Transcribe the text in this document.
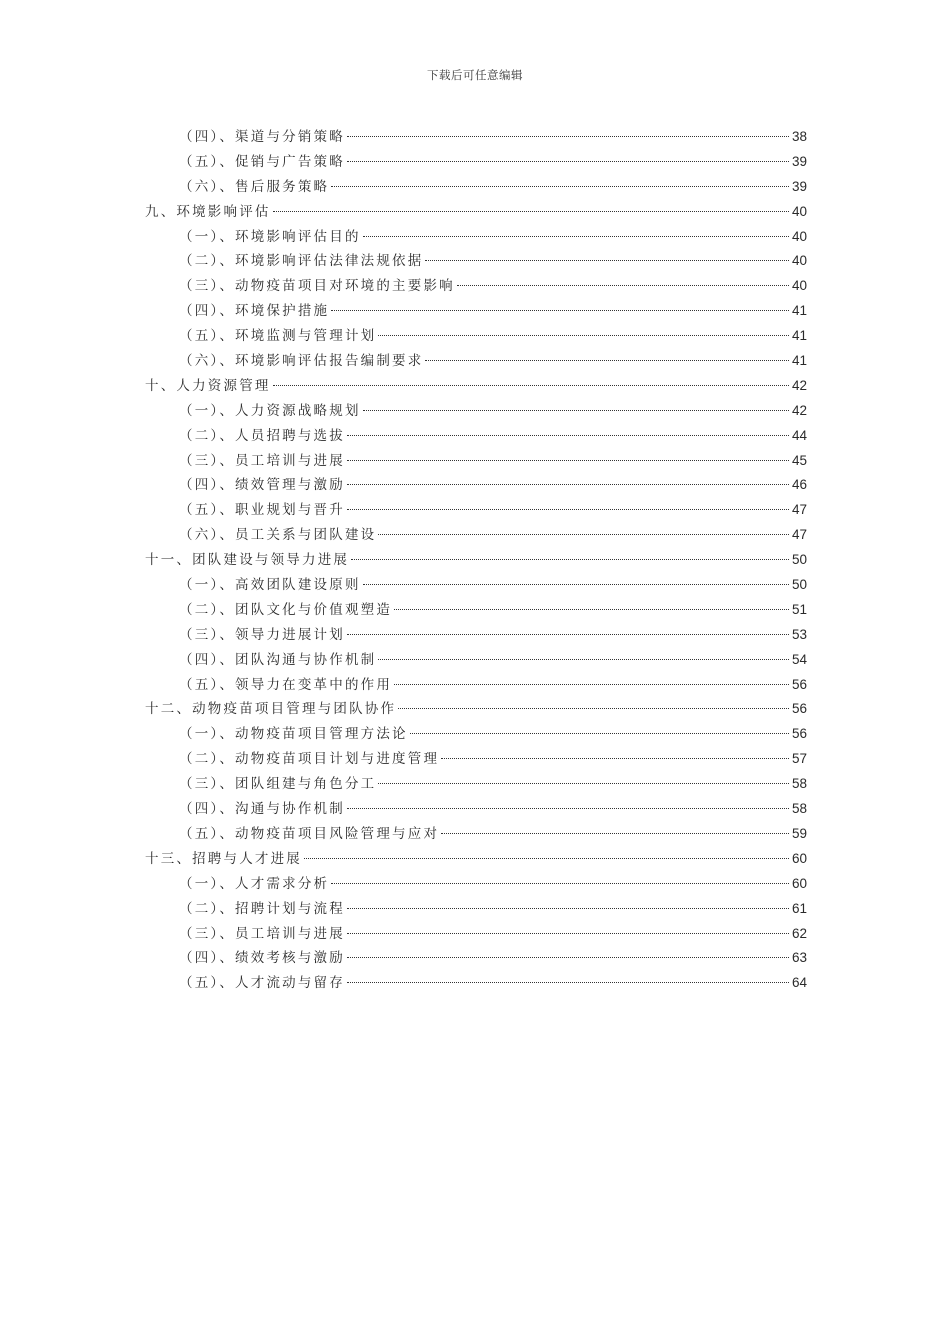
下载后可任意编辑
（四）、渠道与分销策略	38
（五）、促销与广告策略	39
（六）、售后服务策略	39
九、环境影响评估	40
（一）、环境影响评估目的	40
（二）、环境影响评估法律法规依据	40
（三）、动物疫苗项目对环境的主要影响	40
（四）、环境保护措施	41
（五）、环境监测与管理计划	41
（六）、环境影响评估报告编制要求	41
十、人力资源管理	42
（一）、人力资源战略规划	42
（二）、人员招聘与选拔	44
（三）、员工培训与进展	45
（四）、绩效管理与激励	46
（五）、职业规划与晋升	47
（六）、员工关系与团队建设	47
十一、团队建设与领导力进展	50
（一）、高效团队建设原则	50
（二）、团队文化与价值观塑造	51
（三）、领导力进展计划	53
（四）、团队沟通与协作机制	54
（五）、领导力在变革中的作用	56
十二、动物疫苗项目管理与团队协作	56
（一）、动物疫苗项目管理方法论	56
（二）、动物疫苗项目计划与进度管理	57
（三）、团队组建与角色分工	58
（四）、沟通与协作机制	58
（五）、动物疫苗项目风险管理与应对	59
十三、招聘与人才进展	60
（一）、人才需求分析	60
（二）、招聘计划与流程	61
（三）、员工培训与进展	62
（四）、绩效考核与激励	63
（五）、人才流动与留存	64
